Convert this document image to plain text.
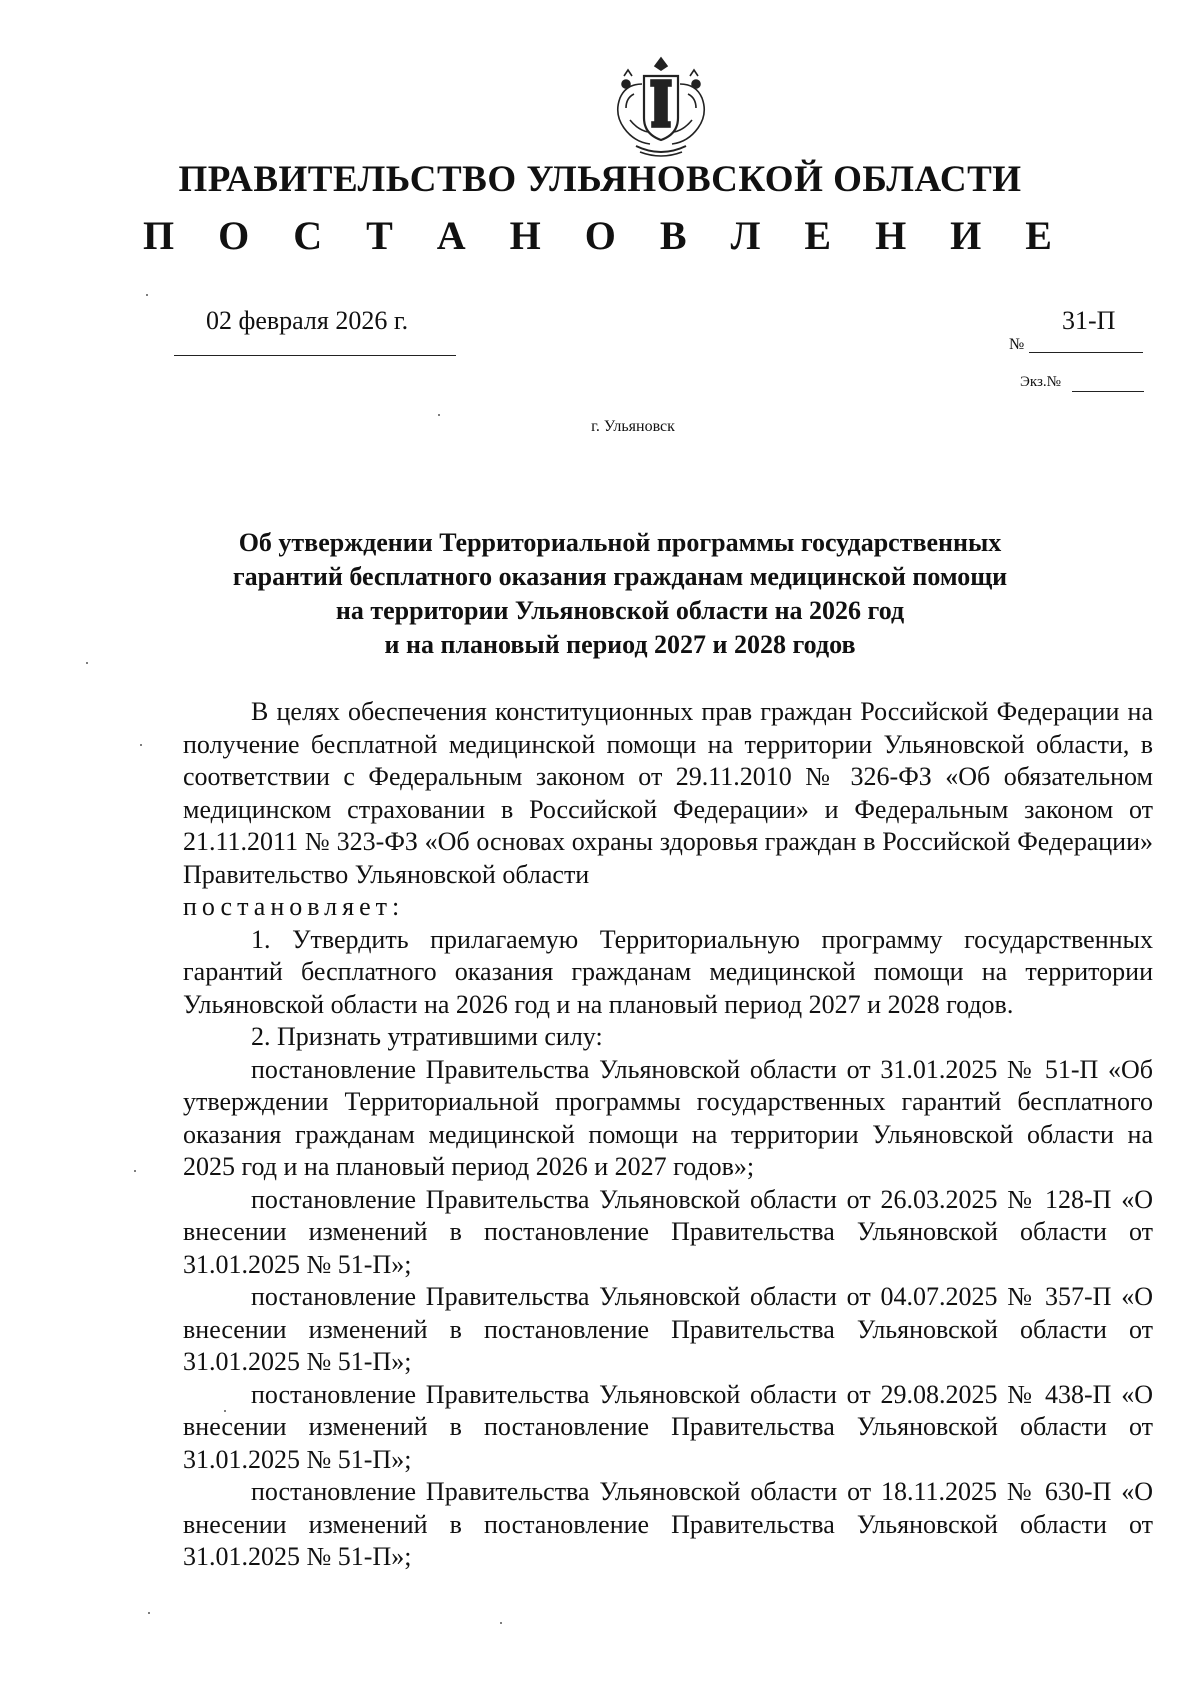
ПРАВИТЕЛЬСТВО УЛЬЯНОВСКОЙ ОБЛАСТИ
П О С Т А Н О В Л Е Н И Е
02 февраля 2026 г.
№
31-П
Экз.№
г. Ульяновск
Об утверждении Территориальной программы государственных
гарантий бесплатного оказания гражданам медицинской помощи
на территории Ульяновской области на 2026 год
и на плановый период 2027 и 2028 годов

В целях обеспечения конституционных прав граждан Российской Федерации на получение бесплатной медицинской помощи на территории Ульяновской области, в соответствии с Федеральным законом от 29.11.2010 № 326-ФЗ «Об обязательном медицинском страховании в Российской Федерации» и Федеральным законом от 21.11.2011 № 323-ФЗ «Об основах охраны здоровья граждан в Российской Федерации» Правительство Ульяновской области

постановляет:

1. Утвердить прилагаемую Территориальную программу государственных гарантий бесплатного оказания гражданам медицинской помощи на территории Ульяновской области на 2026 год и на плановый период 2027 и 2028 годов.

2. Признать утратившими силу:

постановление Правительства Ульяновской области от 31.01.2025 № 51-П «Об утверждении Территориальной программы государственных гарантий бесплатного оказания гражданам медицинской помощи на территории Ульяновской области на 2025 год и на плановый период 2026 и 2027 годов»;

постановление Правительства Ульяновской области от 26.03.2025 № 128-П «О внесении изменений в постановление Правительства Ульяновской области от 31.01.2025 № 51-П»;

постановление Правительства Ульяновской области от 04.07.2025 № 357-П «О внесении изменений в постановление Правительства Ульяновской области от 31.01.2025 № 51-П»;

постановление Правительства Ульяновской области от 29.08.2025 № 438-П «О внесении изменений в постановление Правительства Ульяновской области от 31.01.2025 № 51-П»;

постановление Правительства Ульяновской области от 18.11.2025 № 630-П «О внесении изменений в постановление Правительства Ульяновской области от 31.01.2025 № 51-П»;
